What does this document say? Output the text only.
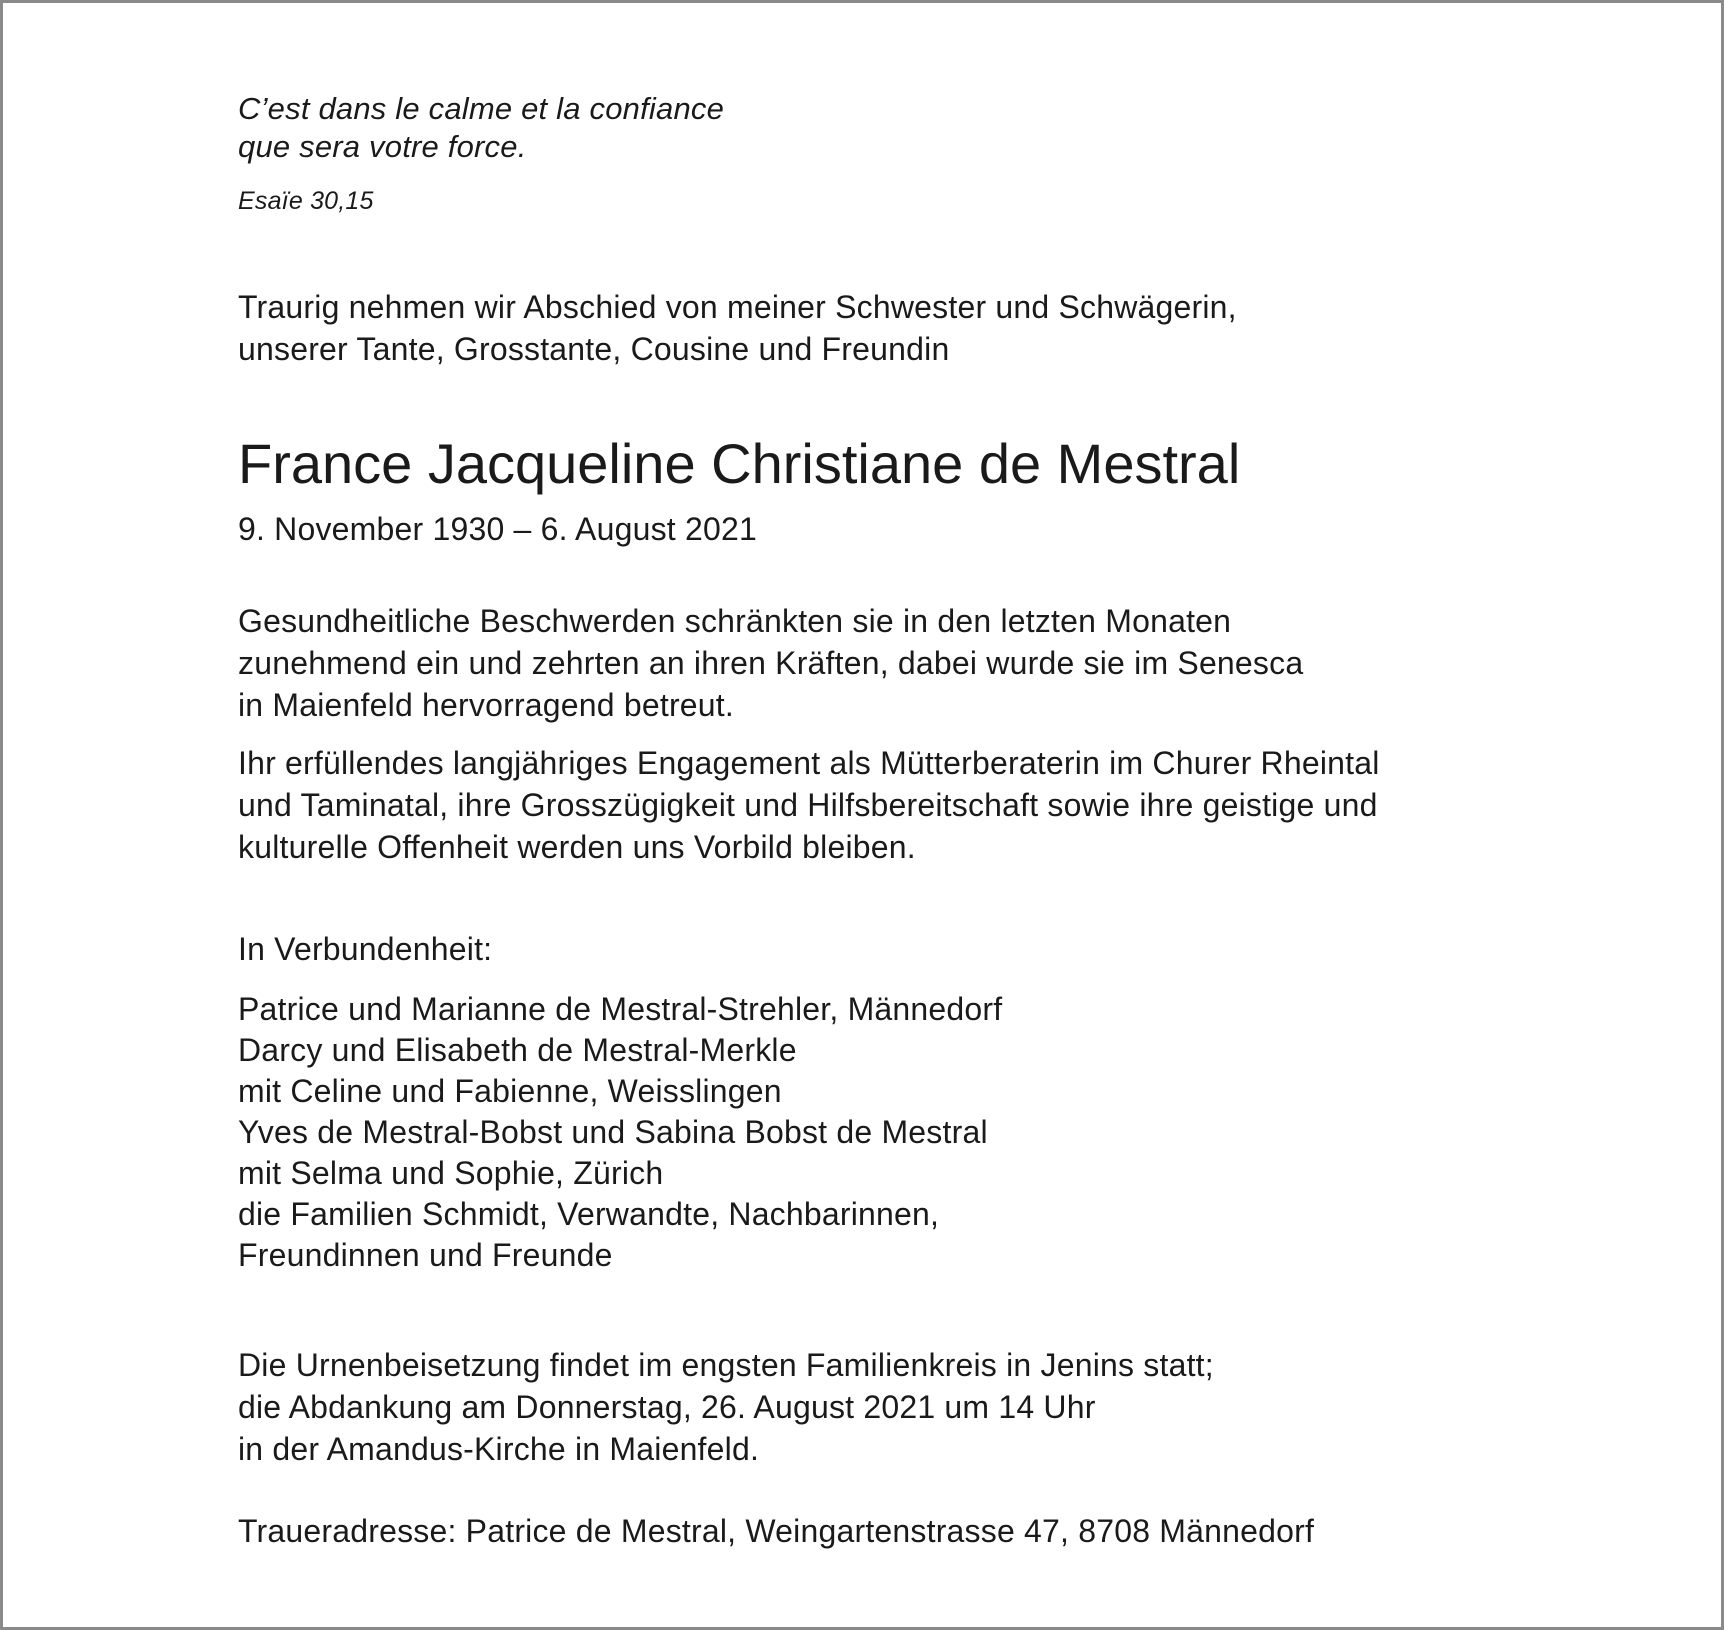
C’est dans le calme et la confiance
que sera votre force.
Esaïe 30,15
Traurig nehmen wir Abschied von meiner Schwester und Schwägerin,
unserer Tante, Grosstante, Cousine und Freundin
France Jacqueline Christiane de Mestral
9. November 1930 – 6. August 2021
Gesundheitliche Beschwerden schränkten sie in den letzten Monaten
zunehmend ein und zehrten an ihren Kräften, dabei wurde sie im Senesca
in Maienfeld hervorragend betreut.
Ihr erfüllendes langjähriges Engagement als Mütterberaterin im Churer Rheintal
und Taminatal, ihre Grosszügigkeit und Hilfsbereitschaft sowie ihre geistige und
kulturelle Offenheit werden uns Vorbild bleiben.
In Verbundenheit:
Patrice und Marianne de Mestral-Strehler, Männedorf
Darcy und Elisabeth de Mestral-Merkle
mit Celine und Fabienne, Weisslingen
Yves de Mestral-Bobst und Sabina Bobst de Mestral
mit Selma und Sophie, Zürich
die Familien Schmidt, Verwandte, Nachbarinnen,
Freundinnen und Freunde
Die Urnenbeisetzung findet im engsten Familienkreis in Jenins statt;
die Abdankung am Donnerstag, 26. August 2021 um 14 Uhr
in der Amandus-Kirche in Maienfeld.
Traueradresse: Patrice de Mestral, Weingartenstrasse 47, 8708 Männedorf
